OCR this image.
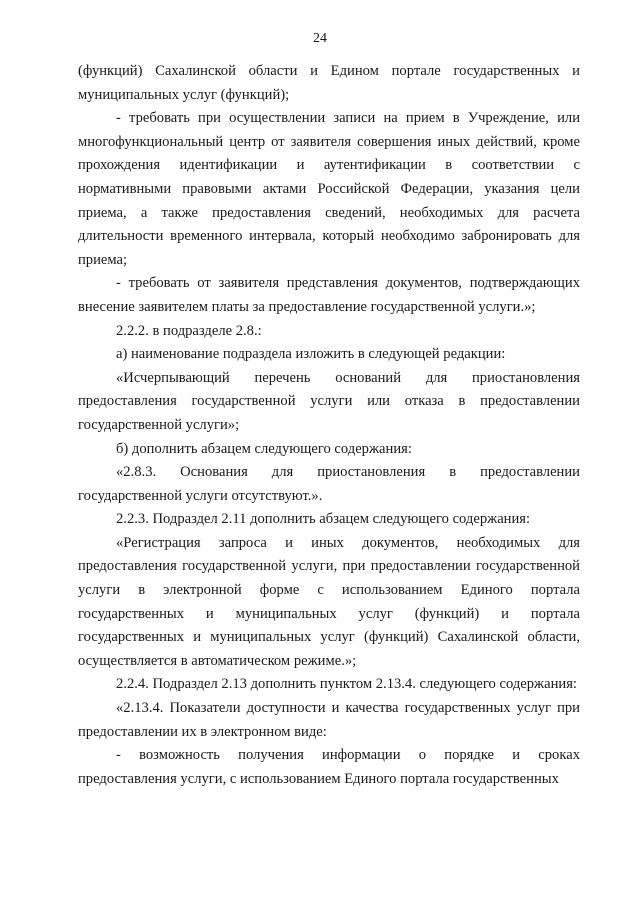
24

(функций) Сахалинской области и Едином портале государственных и муниципальных услуг (функций);

- требовать при осуществлении записи на прием в Учреждение, или многофункциональный центр от заявителя совершения иных действий, кроме прохождения идентификации и аутентификации в соответствии с нормативными правовыми актами Российской Федерации, указания цели приема, а также предоставления сведений, необходимых для расчета длительности временного интервала, который необходимо забронировать для приема;

- требовать от заявителя представления документов, подтверждающих внесение заявителем платы за предоставление государственной услуги.»;

2.2.2. в подразделе 2.8.:

а) наименование подраздела изложить в следующей редакции:

«Исчерпывающий перечень оснований для приостановления предоставления государственной услуги или отказа в предоставлении государственной услуги»;

б) дополнить абзацем следующего содержания:

«2.8.3. Основания для приостановления в предоставлении государственной услуги отсутствуют.».

2.2.3. Подраздел 2.11 дополнить абзацем следующего содержания:

«Регистрация запроса и иных документов, необходимых для предоставления государственной услуги, при предоставлении государственной услуги в электронной форме с использованием Единого портала государственных и муниципальных услуг (функций) и портала государственных и муниципальных услуг (функций) Сахалинской области, осуществляется в автоматическом режиме.»;

2.2.4. Подраздел 2.13 дополнить пунктом 2.13.4. следующего содержания:

«2.13.4. Показатели доступности и качества государственных услуг при предоставлении их в электронном виде:

- возможность получения информации о порядке и сроках предоставления услуги, с использованием Единого портала государственных
